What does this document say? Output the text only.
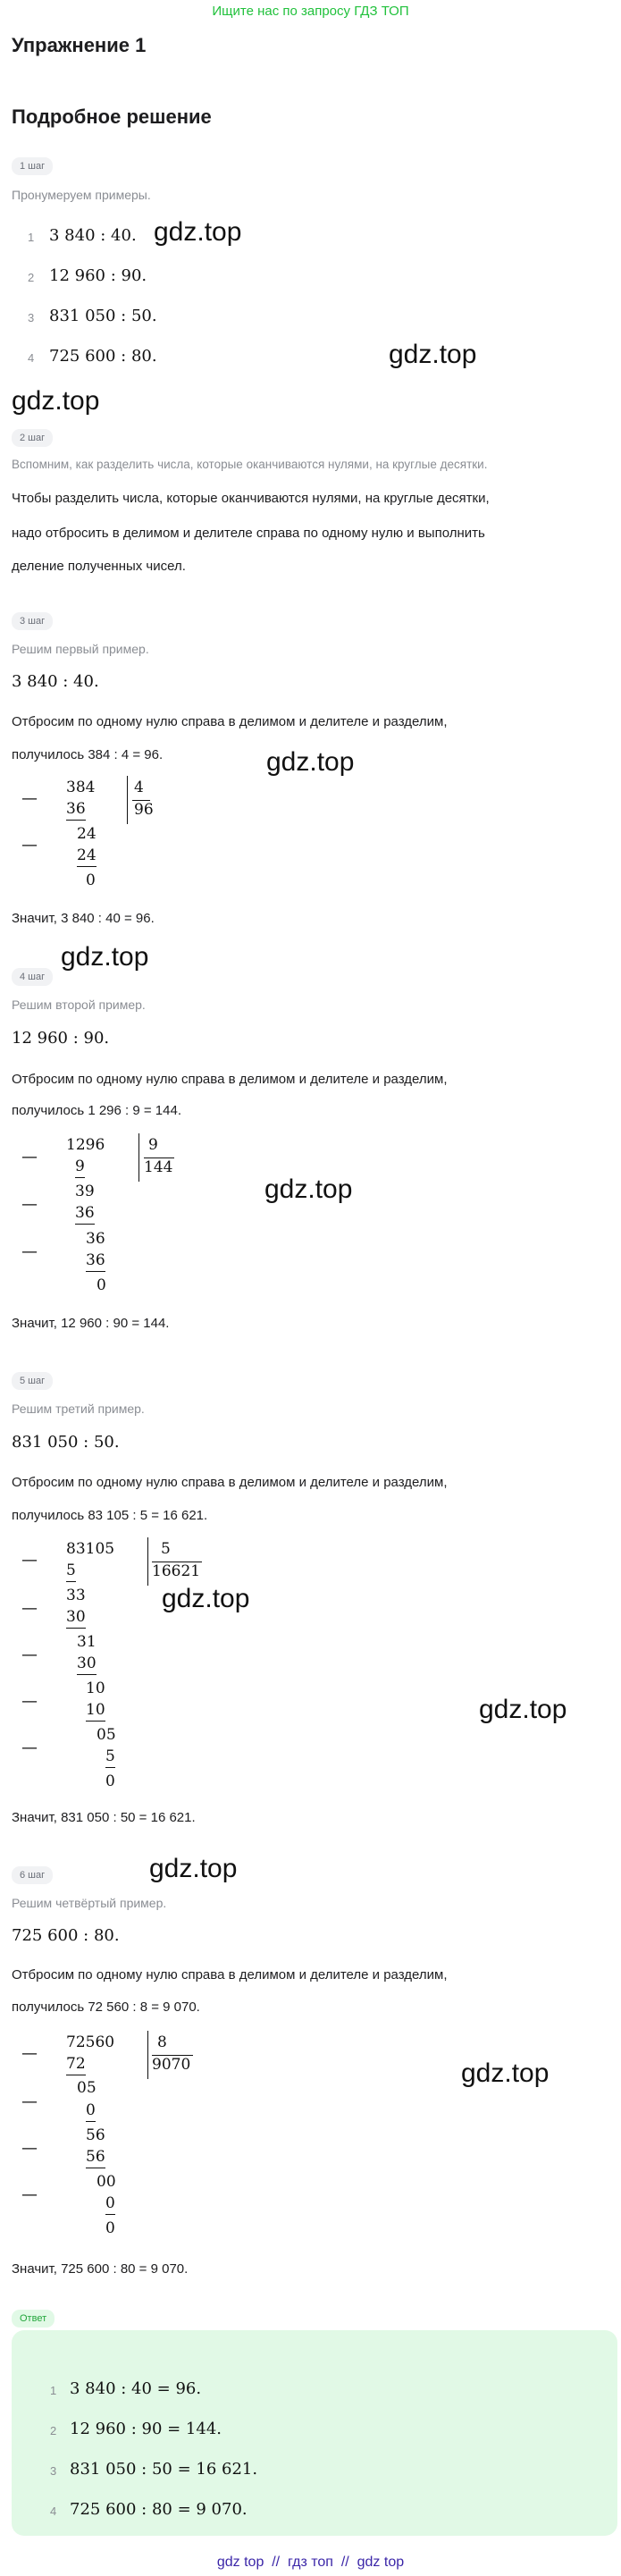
Ищите нас по запросу ГДЗ ТОП
Упражнение 1
Подробное решение
1 шаг
Пронумеруем примеры.
1 3 840 : 40.
2 12 960 : 90.
3 831 050 : 50.
4 725 600 : 80.
gdz.top
gdz.top
gdz.top
gdz.top
gdz.top
gdz.top
gdz.top
gdz.top
gdz.top
gdz.top
2 шаг
Вспомним, как разделить числа, которые оканчиваются нулями, на круглые десятки.
Чтобы разделить числа, которые оканчиваются нулями, на круглые десятки,
надо отбросить в делимом и делителе справа по одному нулю и выполнить
деление полученных чисел.
3 шаг
Решим первый пример.
3 840 : 40.
Отбросим по одному нулю справа в делимом и делителе и разделим,
получилось 384 : 4 = 96.
—
384	4
96
36
24
—
24
0
Значит, 3 840 : 40 = 96.
4 шаг
Решим второй пример.
12 960 : 90.
Отбросим по одному нулю справа в делимом и делителе и разделим,
получилось 1 296 : 9 = 144.
—
1296	9
144
9
39
— 36
36
—	36
0
Значит, 12 960 : 90 = 144.
5 шаг
Решим третий пример.
831 050 : 50.
Отбросим по одному нулю справа в делимом и делителе и разделим,
получилось 83 105 : 5 = 16 621.
—
83105	5
16621
5
33
— 30
31
—	30
10
—	10
05
—	5
0
Значит, 831 050 : 50 = 16 621.
6 шаг
Решим четвёртый пример.
725 600 : 80.
Отбросим по одному нулю справа в делимом и делителе и разделим,
получилось 72 560 : 8 = 9 070.
—
72560	8
9070
72
05
—	0
56
—	56
00
—	0
0
Значит, 725 600 : 80 = 9 070.
Ответ
1 3 840 : 40 = 96.
2 12 960 : 90 = 144.
3 831 050 : 50 = 16 621.
4 725 600 : 80 = 9 070.
gdz top  //  гдз топ  //  gdz top
